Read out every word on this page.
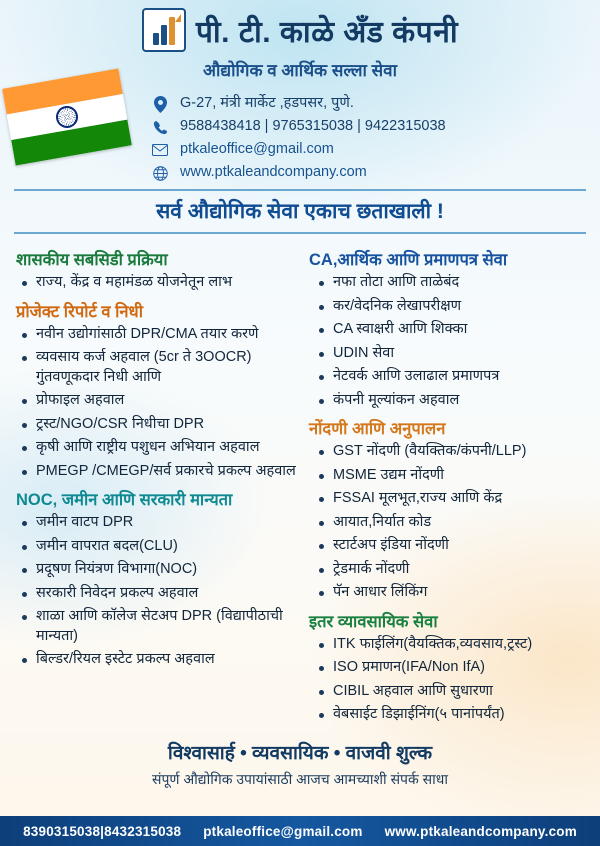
पी. टी. काळे अँड कंपनी
औद्योगिक व आर्थिक सल्ला सेवा
G-27, मंत्री मार्केट ,हडपसर, पुणे.
9588438418 | 9765315038 | 9422315038
ptkaleoffice@gmail.com
www.ptkaleandcompany.com
सर्व औद्योगिक सेवा एकाच छताखाली !
शासकीय सबसिडी प्रक्रिया
राज्य, केंद्र व महामंडळ योजनेतून लाभ
प्रोजेक्ट रिपोर्ट व निधी
नवीन उद्योगांसाठी DPR/CMA तयार करणे
व्यवसाय कर्ज अहवाल (5cr ते 3OOCR) गुंतवणूकदार निधी आणि
प्रोफाइल अहवाल
ट्रस्ट/NGO/CSR निधीचा DPR
कृषी आणि राष्ट्रीय पशुधन अभियान अहवाल
PMEGP /CMEGP/सर्व प्रकारचे प्रकल्प अहवाल
NOC, जमीन आणि सरकारी मान्यता
जमीन वाटप DPR
जमीन वापरात बदल(CLU)
प्रदूषण नियंत्रण विभागा(NOC)
सरकारी निवेदन प्रकल्प अहवाल
शाळा आणि कॉलेज सेटअप DPR (विद्यापीठाची मान्यता)
बिल्डर/रियल इस्टेट प्रकल्प अहवाल
CA,आर्थिक आणि प्रमाणपत्र सेवा
नफा तोटा आणि ताळेबंद
कर/वेदनिक लेखापरीक्षण
CA स्वाक्षरी आणि शिक्का
UDIN सेवा
नेटवर्क आणि उलाढाल प्रमाणपत्र
कंपनी मूल्यांकन अहवाल
नोंदणी आणि अनुपालन
GST नोंदणी (वैयक्तिक/कंपनी/LLP)
MSME उद्यम नोंदणी
FSSAI मूलभूत,राज्य आणि केंद्र
आयात,निर्यात कोड
स्टार्टअप इंडिया नोंदणी
ट्रेडमार्क नोंदणी
पॅन आधार लिंकिंग
इतर व्यावसायिक सेवा
ITK फाईलिंग(वैयक्तिक,व्यवसाय,ट्रस्ट)
ISO प्रमाणन(IFA/Non IfA)
CIBIL अहवाल आणि सुधारणा
वेबसाईट डिझाईनिंग(५ पानांपर्यंत)
विश्वासार्ह • व्यवसायिक • वाजवी शुल्क
संपूर्ण औद्योगिक उपायांसाठी आजच आमच्याशी संपर्क साधा
8390315038|8432315038 ptkaleoffice@gmail.com www.ptkaleandcompany.com
